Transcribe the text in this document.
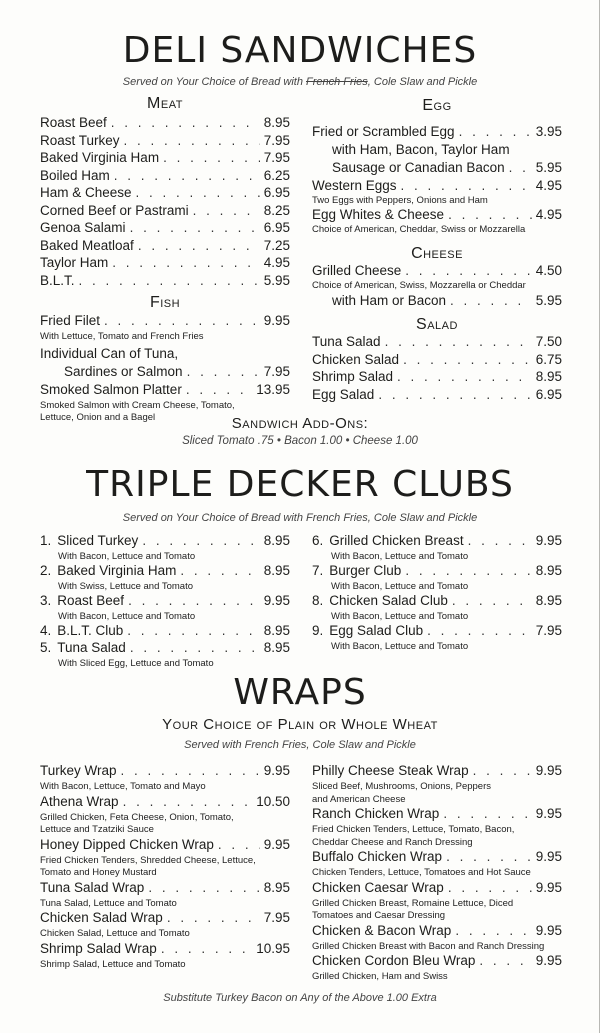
DELI SANDWICHES
Served on Your Choice of Bread with French Fries, Cole Slaw and Pickle
Meat
Roast Beef . . .	8.95
Roast Turkey . . .	7.95
Baked Virginia Ham . . .	7.95
Boiled Ham . . .	6.25
Ham & Cheese . . .	6.95
Corned Beef or Pastrami . . .	8.25
Genoa Salami . . .	6.95
Baked Meatloaf . . .	7.25
Taylor Ham . . .	4.95
B.L.T. . . .	5.95
Fish
Fried Filet . . .	9.95
With Lettuce, Tomato and French Fries
Individual Can of Tuna,
Sardines or Salmon . . .	7.95
Smoked Salmon Platter . . .	13.95
Smoked Salmon with Cream Cheese, Tomato,
Lettuce, Onion and a Bagel
Egg
Fried or Scrambled Egg . . .	3.95
with Ham, Bacon, Taylor Ham
Sausage or Canadian Bacon . . . 5.95
Western Eggs . . .	4.95
Two Eggs with Peppers, Onions and Ham
Egg Whites & Cheese . . .	4.95
Choice of American, Cheddar, Swiss or Mozzarella
Cheese
Grilled Cheese . . .	4.50
Choice of American, Swiss, Mozzarella or Cheddar
with Ham or Bacon . . .	5.95
Salad
Tuna Salad . . .	7.50
Chicken Salad . . .	6.75
Shrimp Salad . . .	8.95
Egg Salad . . .	6.95
Sandwich Add-Ons:
Sliced Tomato .75 • Bacon 1.00 • Cheese 1.00
TRIPLE DECKER CLUBS
Served on Your Choice of Bread with French Fries, Cole Slaw and Pickle
1. Sliced Turkey . . .	8.95
With Bacon, Lettuce and Tomato
2. Baked Virginia Ham . . .	8.95
With Swiss, Lettuce and Tomato
3. Roast Beef . . .	9.95
With Bacon, Lettuce and Tomato
4. B.L.T. Club . . .	8.95
5. Tuna Salad . . .	8.95
With Sliced Egg, Lettuce and Tomato
6. Grilled Chicken Breast . . .	9.95
With Bacon, Lettuce and Tomato
7. Burger Club . . .	8.95
With Bacon, Lettuce and Tomato
8. Chicken Salad Club . . .	8.95
With Bacon, Lettuce and Tomato
9. Egg Salad Club . . .	7.95
With Bacon, Lettuce and Tomato
WRAPS
Your Choice of Plain or Whole Wheat
Served with French Fries, Cole Slaw and Pickle
Turkey Wrap . . .	9.95
With Bacon, Lettuce, Tomato and Mayo
Athena Wrap . . .	10.50
Grilled Chicken, Feta Cheese, Onion, Tomato,
Lettuce and Tzatziki Sauce
Honey Dipped Chicken Wrap . . .	9.95
Fried Chicken Tenders, Shredded Cheese, Lettuce,
Tomato and Honey Mustard
Tuna Salad Wrap . . .	8.95
Tuna Salad, Lettuce and Tomato
Chicken Salad Wrap . . .	7.95
Chicken Salad, Lettuce and Tomato
Shrimp Salad Wrap . . .	10.95
Shrimp Salad, Lettuce and Tomato
Philly Cheese Steak Wrap . . .	9.95
Sliced Beef, Mushrooms, Onions, Peppers
and American Cheese
Ranch Chicken Wrap . . .	9.95
Fried Chicken Tenders, Lettuce, Tomato, Bacon,
Cheddar Cheese and Ranch Dressing
Buffalo Chicken Wrap . . .	9.95
Chicken Tenders, Lettuce, Tomatoes and Hot Sauce
Chicken Caesar Wrap . . .	9.95
Grilled Chicken Breast, Romaine Lettuce, Diced
Tomatoes and Caesar Dressing
Chicken & Bacon Wrap . . .	9.95
Grilled Chicken Breast with Bacon and Ranch Dressing
Chicken Cordon Bleu Wrap . . .	9.95
Grilled Chicken, Ham and Swiss
Substitute Turkey Bacon on Any of the Above 1.00 Extra
